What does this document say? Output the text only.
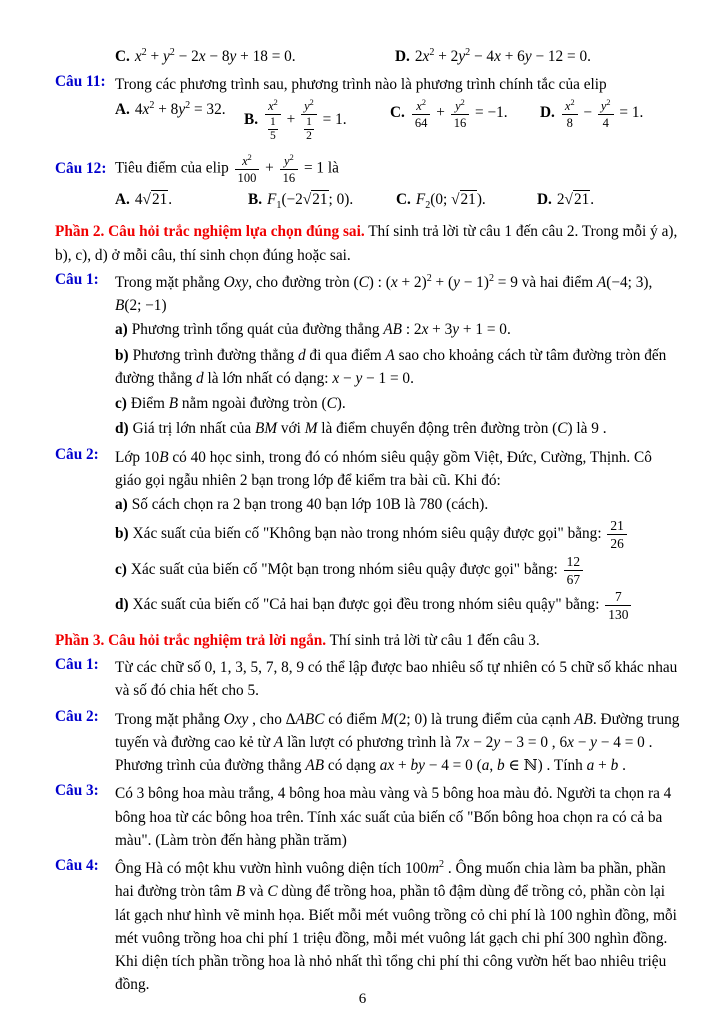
C. $x^2 + y^2 - 2x - 8y + 18 = 0$.	D. $2x^2 + 2y^2 - 4x + 6y - 12 = 0$.
Câu 11: Trong các phương trình sau, phương trình nào là phương trình chính tắc của elip

A. $4x^2 + 8y^2 = 32$.
B. $\frac{x^2}{\frac{1}{5}} + \frac{y^2}{\frac{1}{2}} = 1$.	C. $\frac{x^2}{64} + \frac{y^2}{16} = -1$.	D. $\frac{x^2}{8} - \frac{y^2}{4} = 1$.
Câu 12: Tiêu điểm của elip $\frac{x^2}{100} + \frac{y^2}{16} = 1$ là

A. 4√21.	B. $F_1(-2√21$; 0).	C. $F_2(0$; √21).	D. 2√21.

Phần 2. Câu hỏi trắc nghiệm lựa chọn đúng sai. Thí sinh trả lời từ câu 1 đến câu 2. Trong mỗi ý a), b), c), d) ở mỗi câu, thí sinh chọn đúng hoặc sai.

Câu 1:	Trong mặt phẳng Oxy, cho đường tròn (C) : $(x + 2)^2 + (y - 1)^2 = 9$ và hai điểm A(−4; 3), B(2; −1)

a) Phương trình tổng quát của đường thẳng AB : 2x + 3y + 1 = 0.

b) Phương trình đường thẳng d đi qua điểm A sao cho khoảng cách từ tâm đường tròn đến đường thẳng d là lớn nhất có dạng: x − y − 1 = 0.

c) Điểm B nằm ngoài đường tròn (C).

d) Giá trị lớn nhất của BM với M là điểm chuyển động trên đường tròn (C) là 9 .

Câu 2:	Lớp 10B có 40 học sinh, trong đó có nhóm siêu quậy gồm Việt, Đức, Cường, Thịnh. Cô giáo gọi ngẫu nhiên 2 bạn trong lớp để kiểm tra bài cũ. Khi đó:

a) Số cách chọn ra 2 bạn trong 40 bạn lớp 10B là 780 (cách).

b) Xác suất của biến cố "Không bạn nào trong nhóm siêu quậy được gọi" bằng: $\frac{21}{26}$

c) Xác suất của biến cố "Một bạn trong nhóm siêu quậy được gọi" bằng: $\frac{12}{67}$

d) Xác suất của biến cố "Cả hai bạn được gọi đều trong nhóm siêu quậy" bằng: $\frac{7}{130}$

Phần 3. Câu hỏi trắc nghiệm trả lời ngắn. Thí sinh trả lời từ câu 1 đến câu 3.

Câu 1:	Từ các chữ số 0, 1, 3, 5, 7, 8, 9 có thể lập được bao nhiêu số tự nhiên có 5 chữ số khác nhau và số đó chia hết cho 5.

Câu 2:	Trong mặt phẳng Oxy , cho ΔABC có điểm M(2; 0) là trung điểm của cạnh AB. Đường trung tuyến và đường cao kẻ từ A lần lượt có phương trình là 7x − 2y − 3 = 0 , 6x − y − 4 = 0 . Phương trình của đường thẳng AB có dạng ax + by − 4 = 0 (a, b ∈ ℕ) . Tính a + b .

Câu 3:	Có 3 bông hoa màu trắng, 4 bông hoa màu vàng và 5 bông hoa màu đỏ. Người ta chọn ra 4 bông hoa từ các bông hoa trên. Tính xác suất của biến cố "Bốn bông hoa chọn ra có cả ba màu". (Làm tròn đến hàng phần trăm)

Câu 4:	Ông Hà có một khu vườn hình vuông diện tích $100m^2$ . Ông muốn chia làm ba phần, phần hai đường tròn tâm B và C dùng để trồng hoa, phần tô đậm dùng để trồng cỏ, phần còn lại lát gạch như hình vẽ minh họa. Biết mỗi mét vuông trồng cỏ chi phí là 100 nghìn đồng, mỗi mét vuông trồng hoa chi phí 1 triệu đồng, mỗi mét vuông lát gạch chi phí 300 nghìn đồng. Khi diện tích phần trồng hoa là nhỏ nhất thì tổng chi phí thi công vườn hết bao nhiêu triệu đồng.

6
